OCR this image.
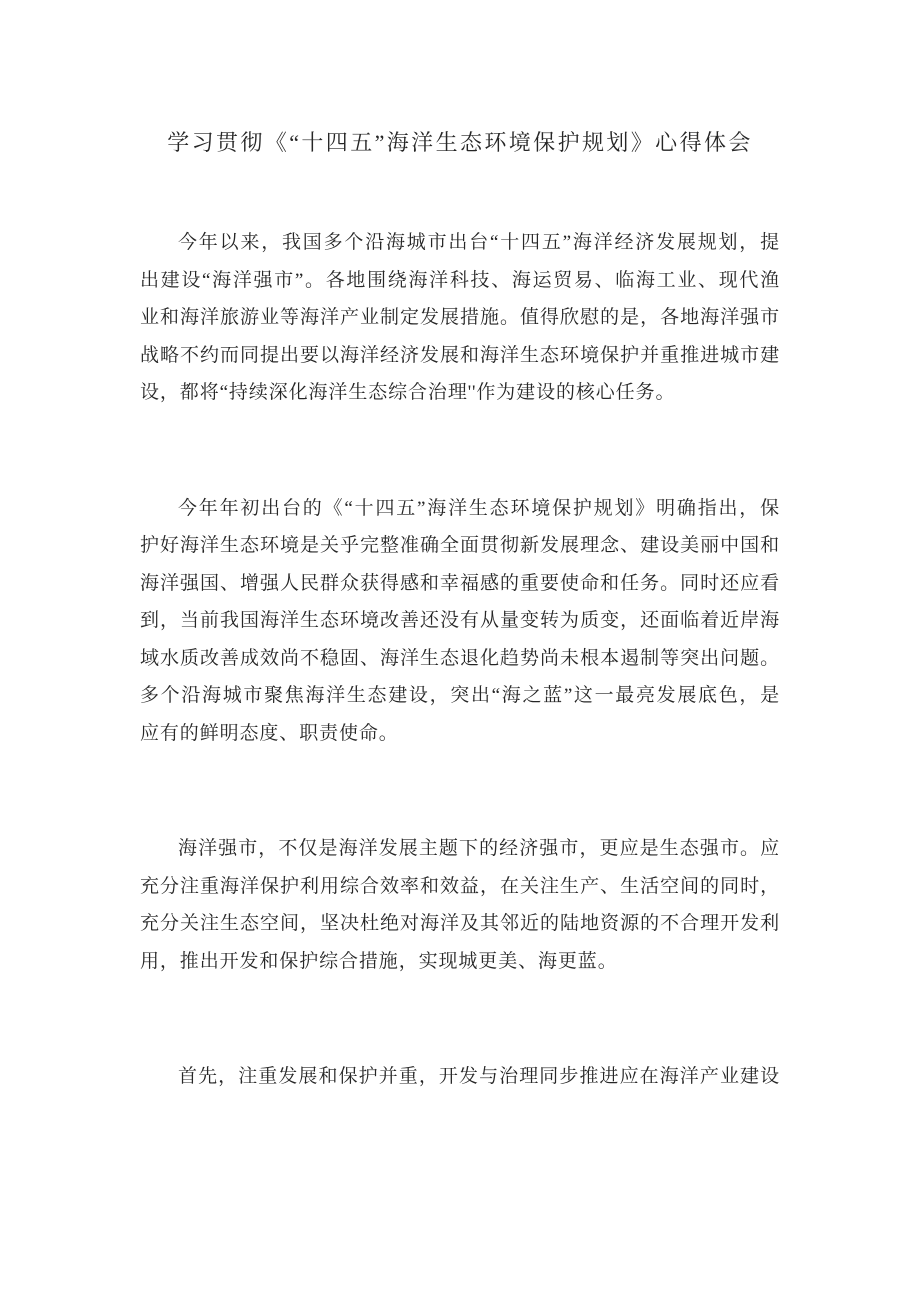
学习贯彻《“十四五”海洋生态环境保护规划》心得体会
今年以来，我国多个沿海城市出台“十四五”海洋经济发展规划，提
出建设“海洋强市”。各地围绕海洋科技、海运贸易、临海工业、现代渔
业和海洋旅游业等海洋产业制定发展措施。值得欣慰的是，各地海洋强市
战略不约而同提出要以海洋经济发展和海洋生态环境保护并重推进城市建
设，都将“持续深化海洋生态综合治理''作为建设的核心任务。
今年年初出台的《“十四五”海洋生态环境保护规划》明确指出，保
护好海洋生态环境是关乎完整准确全面贯彻新发展理念、建设美丽中国和
海洋强国、增强人民群众获得感和幸福感的重要使命和任务。同时还应看
到，当前我国海洋生态环境改善还没有从量变转为质变，还面临着近岸海
域水质改善成效尚不稳固、海洋生态退化趋势尚未根本遏制等突出问题。
多个沿海城市聚焦海洋生态建设，突出“海之蓝”这一最亮发展底色，是
应有的鲜明态度、职责使命。
海洋强市，不仅是海洋发展主题下的经济强市，更应是生态强市。应
充分注重海洋保护利用综合效率和效益，在关注生产、生活空间的同时，
充分关注生态空间，坚决杜绝对海洋及其邻近的陆地资源的不合理开发利
用，推出开发和保护综合措施，实现城更美、海更蓝。
首先，注重发展和保护并重，开发与治理同步推进应在海洋产业建设
